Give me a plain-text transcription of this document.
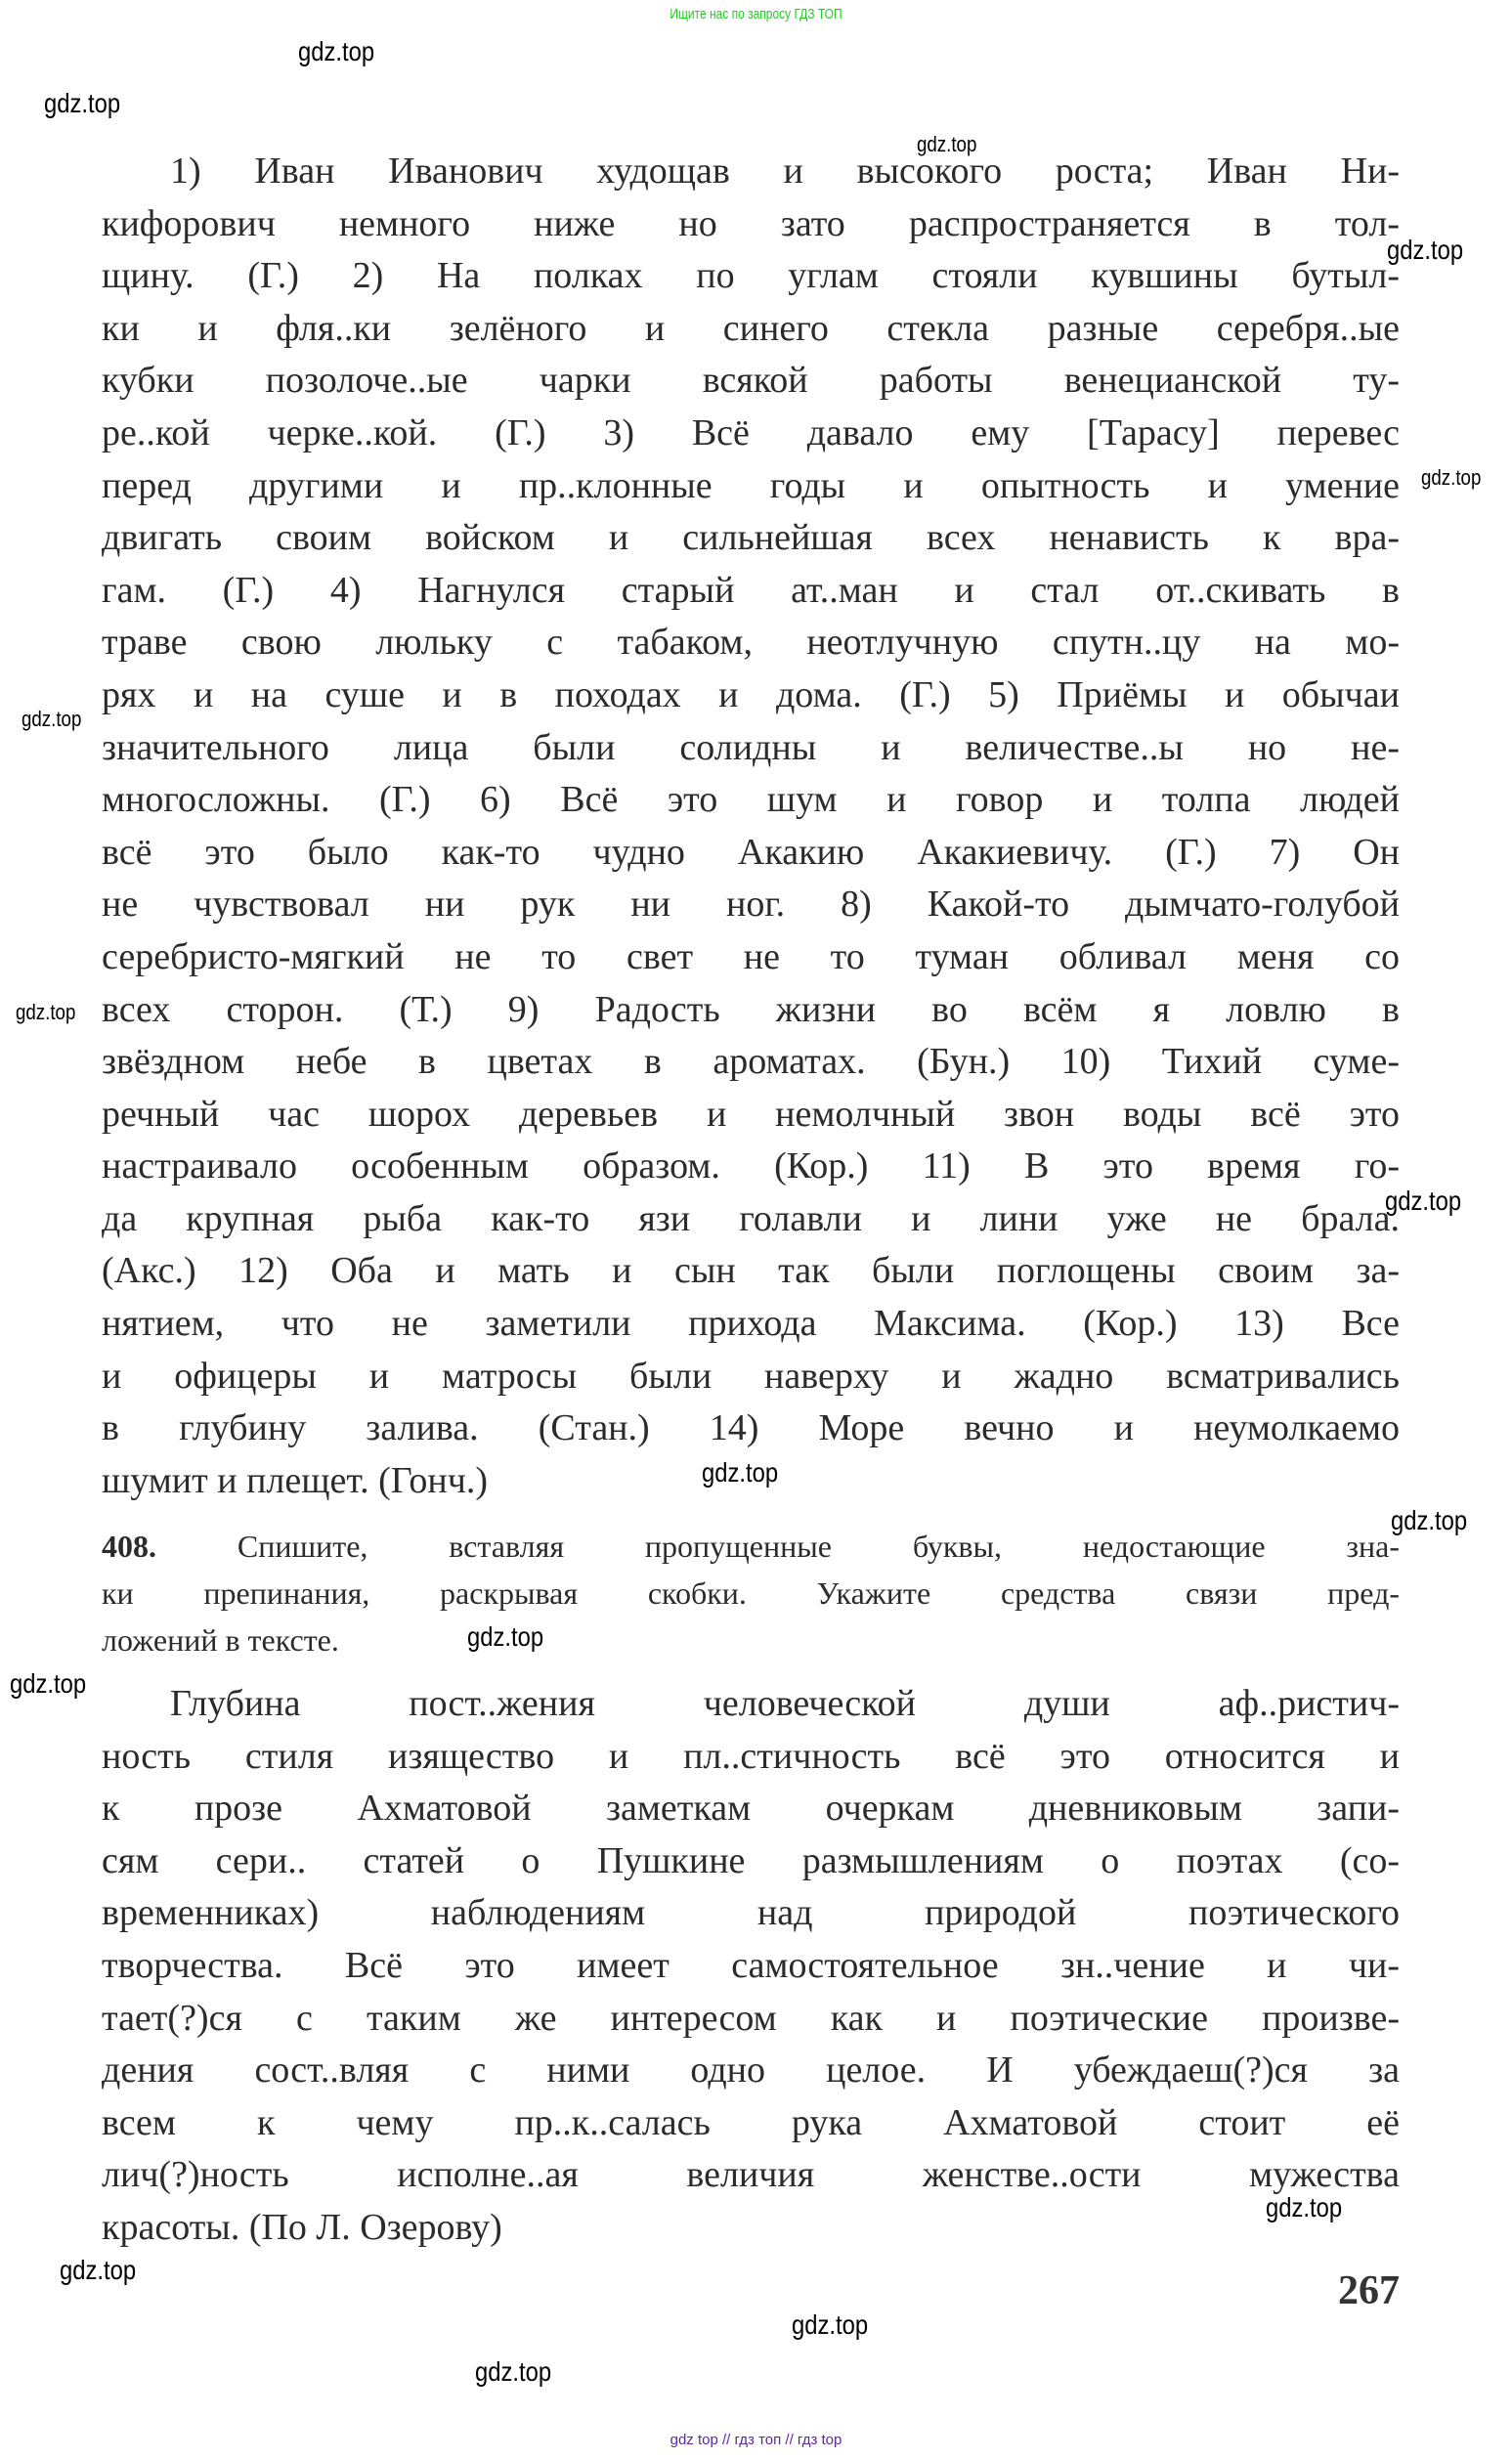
Ищите нас по запросу ГДЗ ТОП
1) Иван Иванович худощав и высокого роста; Иван Ни-
кифорович немного ниже но зато распространяется в тол-
щину. (Г.) 2) На полках по углам стояли кувшины бутыл-
ки и фля..ки зелёного и синего стекла разные серебря..ые
кубки позолоче..ые чарки всякой работы венецианской ту-
ре..кой черке..кой. (Г.) 3) Всё давало ему [Тарасу] перевес
перед другими и пр..клонные годы и опытность и умение
двигать своим войском и сильнейшая всех ненависть к вра-
гам. (Г.) 4) Нагнулся старый ат..ман и стал от..скивать в
траве свою люльку с табаком, неотлучную спутн..цу на мо-
рях и на суше и в походах и дома. (Г.) 5) Приёмы и обычаи
значительного лица были солидны и величестве..ы но не-
многосложны. (Г.) 6) Всё это шум и говор и толпа людей
всё это было как-то чудно Акакию Акакиевичу. (Г.) 7) Он
не чувствовал ни рук ни ног. 8) Какой-то дымчато-голубой
серебристо-мягкий не то свет не то туман обливал меня со
всех сторон. (Т.) 9) Радость жизни во всём я ловлю в
звёздном небе в цветах в ароматах. (Бун.) 10) Тихий суме-
речный час шорох деревьев и немолчный звон воды всё это
настраивало особенным образом. (Кор.) 11) В это время го-
да крупная рыба как-то язи голавли и лини уже не брала.
(Акс.) 12) Оба и мать и сын так были поглощены своим за-
нятием, что не заметили прихода Максима. (Кор.) 13) Все
и офицеры и матросы были наверху и жадно всматривались
в глубину залива. (Стан.) 14) Море вечно и неумолкаемо
шумит и плещет. (Гонч.)
408.	Спишите, вставляя пропущенные буквы, недостающие зна-
ки препинания, раскрывая скобки. Укажите средства связи пред-
ложений в тексте.
Глубина пост..жения человеческой души аф..ристич-
ность стиля изящество и пл..стичность всё это относится и
к прозе Ахматовой заметкам очеркам дневниковым запи-
сям сери.. статей о Пушкине размышлениям о поэтах (со-
временниках) наблюдениям над природой поэтического
творчества. Всё это имеет самостоятельное зн..чение и чи-
тает(?)ся с таким же интересом как и поэтические произве-
дения сост..вляя с ними одно целое. И убеждаеш(?)ся за
всем к чему пр..к..салась рука Ахматовой стоит её
лич(?)ность исполне..ая величия женстве..ости мужества
красоты. (По Л. Озерову)
267
gdz top // гдз топ // гдз top
gdz.top
gdz.top
gdz.top
gdz.top
gdz.top
gdz.top
gdz.top
gdz.top
gdz.top
gdz.top
gdz.top
gdz.top
gdz.top
gdz.top
gdz.top
gdz.top
